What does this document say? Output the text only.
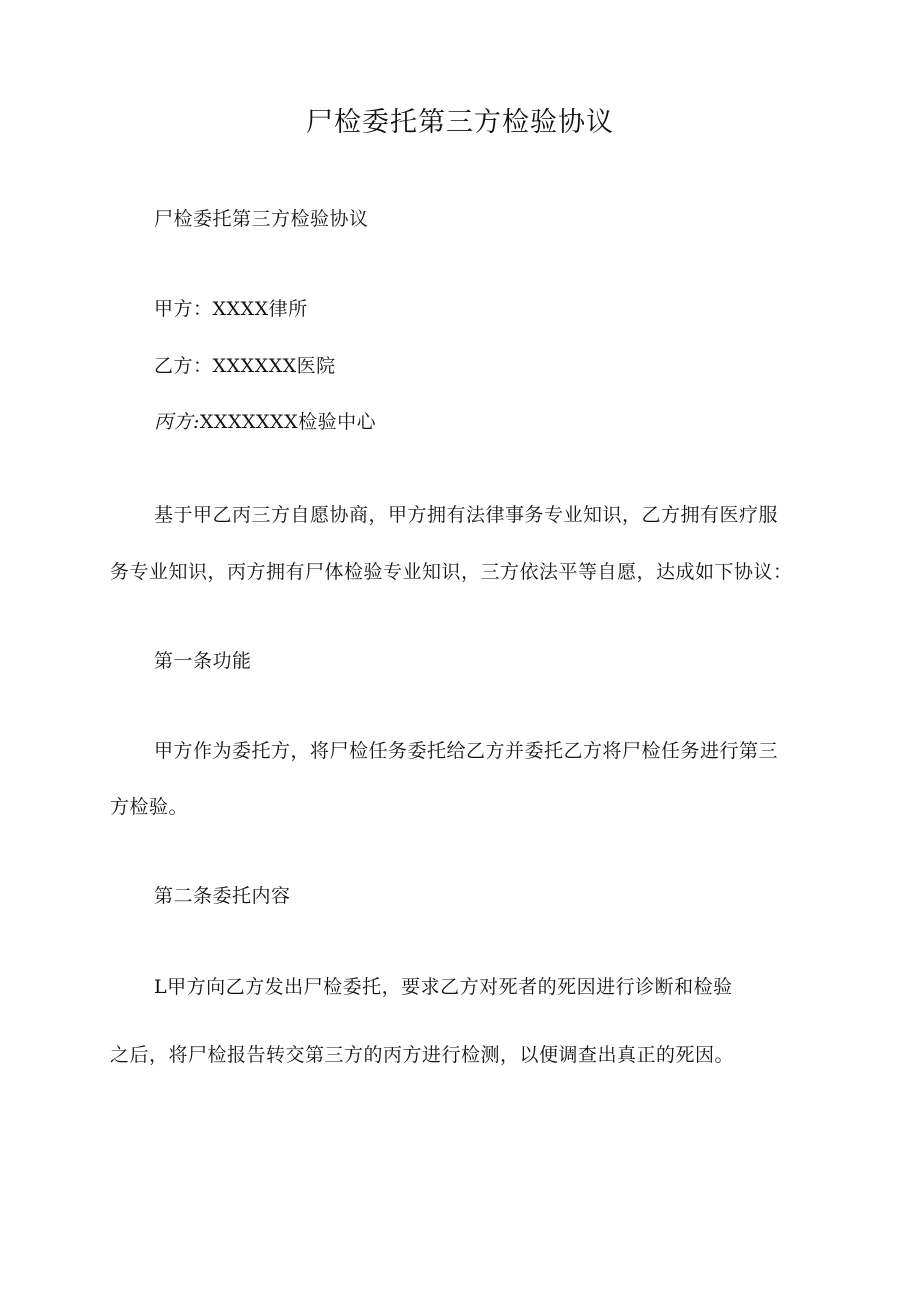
尸检委托第三方检验协议
尸检委托第三方检验协议
甲方：XXXX律所
乙方：XXXXXX医院
丙方:XXXXXXX检验中心
基于甲乙丙三方自愿协商，甲方拥有法律事务专业知识，乙方拥有医疗服
务专业知识，丙方拥有尸体检验专业知识，三方依法平等自愿，达成如下协议：
第一条功能
甲方作为委托方，将尸检任务委托给乙方并委托乙方将尸检任务进行第三
方检验。
第二条委托内容
L甲方向乙方发出尸检委托，要求乙方对死者的死因进行诊断和检验
之后，将尸检报告转交第三方的丙方进行检测，以便调查出真正的死因。
